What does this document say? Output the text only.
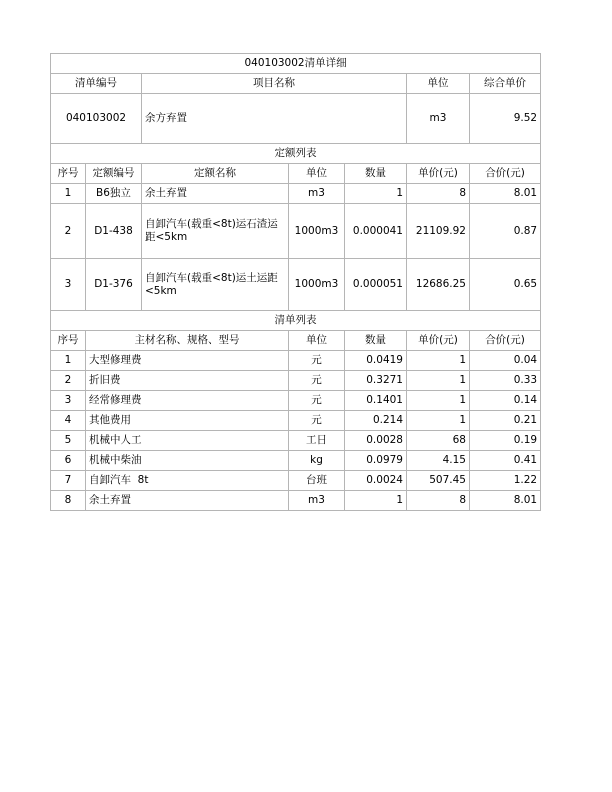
040103002清单详细						
清单编号		项目名称			单位	综合单价
040103002		余方弃置			m3	9.52
定额列表						
序号	定额编号	定额名称	单位	数量	单价(元)	合价(元)
1	B6独立	余土弃置	m3	1	8	8.01
2	D1-438	自卸汽车(载重<8t)运石渣运距<5km	1000m3	0.000041	21109.92	0.87
3	D1-376	自卸汽车(载重<8t)运土运距<5km	1000m3	0.000051	12686.25	0.65
清单列表						
序号	主材名称、规格、型号		单位	数量	单价(元)	合价(元)
1	大型修理费		元	0.0419	1	0.04
2	折旧费		元	0.3271	1	0.33
3	经常修理费		元	0.1401	1	0.14
4	其他费用		元	0.214	1	0.21
5	机械中人工		工日	0.0028	68	0.19
6	机械中柴油		kg	0.0979	4.15	0.41
7	自卸汽车  8t		台班	0.0024	507.45	1.22
8	余土弃置		m3	1	8	8.01
